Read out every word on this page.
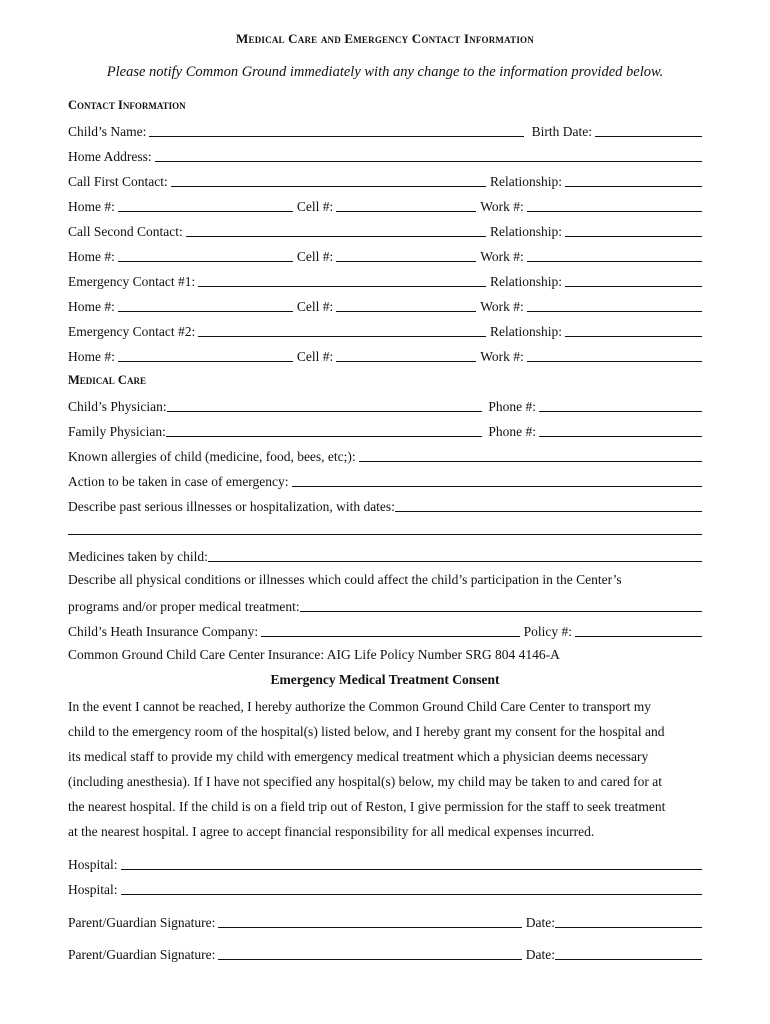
Medical Care and Emergency Contact Information
Please notify Common Ground immediately with any change to the information provided below.
Contact Information
Child’s Name:	Birth Date:
Home Address:
Call First Contact:	Relationship:
Home #:	Cell #:	Work #:
Call Second Contact:	Relationship:
Home #:	Cell #:	Work #:
Emergency Contact #1:	Relationship:
Home #:	Cell #:	Work #:
Emergency Contact #2:	Relationship:
Home #:	Cell #:	Work #:
Medical Care
Child’s Physician:	Phone #:
Family Physician:	Phone #:
Known allergies of child (medicine, food, bees, etc;):
Action to be taken in case of emergency:
Describe past serious illnesses or hospitalization, with dates:
Medicines taken by child:
Describe all physical conditions or illnesses which could affect the child’s participation in the Center’s
programs and/or proper medical treatment:
Child’s Heath Insurance Company:	Policy #:
Common Ground Child Care Center Insurance: AIG Life Policy Number SRG 804 4146-A
Emergency Medical Treatment Consent
In the event I cannot be reached, I hereby authorize the Common Ground Child Care Center to transport my
child to the emergency room of the hospital(s) listed below, and I hereby grant my consent for the hospital and
its medical staff to provide my child with emergency medical treatment which a physician deems necessary
(including anesthesia). If I have not specified any hospital(s) below, my child may be taken to and cared for at
the nearest hospital. If the child is on a field trip out of Reston, I give permission for the staff to seek treatment
at the nearest hospital. I agree to accept financial responsibility for all medical expenses incurred.
Hospital:
Hospital:
Parent/Guardian Signature:	Date:
Parent/Guardian Signature:	Date:
